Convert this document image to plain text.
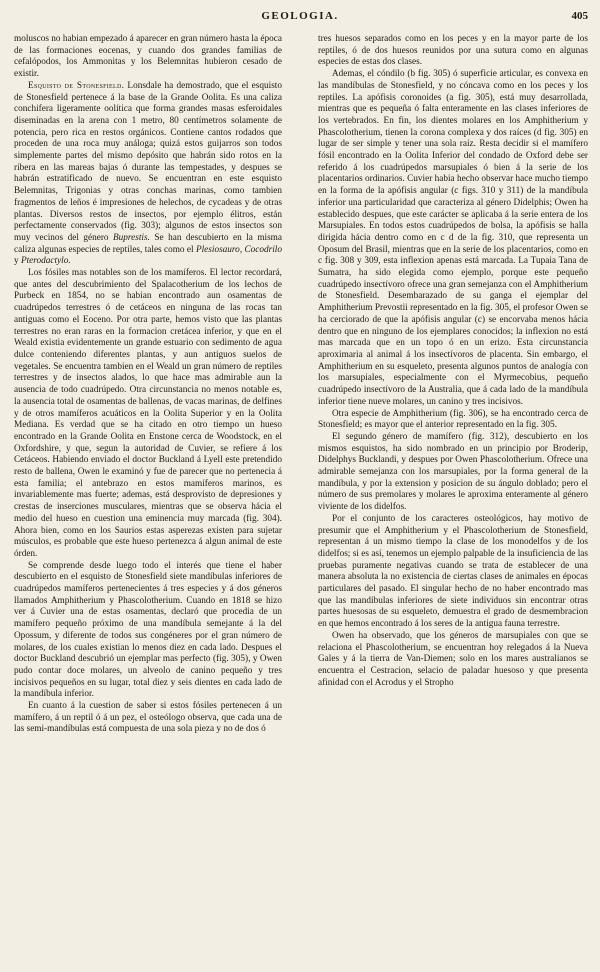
GEOLOGIA.	405

moluscos no habian empezado á aparecer en gran número hasta la época de las formaciones eocenas, y cuando dos grandes familias de cefalópodos, los Ammonitas y los Belemnitas hubieron cesado de existir.

Esquisto de Stonesfield. Lonsdale ha demostrado, que el esquisto de Stonesfield pertenece á la base de la Grande Oolita. Es una caliza conchifera ligeramente oolítica que forma grandes masas esferoidales diseminadas en la arena con 1 metro, 80 centímetros solamente de potencia, pero rica en restos orgánicos. Contiene cantos rodados que proceden de una roca muy análoga; quizá estos guijarros son todos simplemente partes del mismo depósito que habrán sido rotos en la ribera en las mareas bajas ó durante las tempestades, y despues se habrán estratificado de nuevo. Se encuentran en este esquisto Belemnitas, Trigonias y otras conchas marinas, como tambien fragmentos de leños é impresiones de helechos, de cycadeas y de otras plantas. Diversos restos de insectos, por ejemplo élitros, están perfectamente conservados (fig. 303); algunos de estos insectos son muy vecinos del género Buprestis. Se han descubierto en la misma caliza algunas especies de reptiles, tales como el Plesiosauro, Cocodrilo y Pterodactylo.

Los fósiles mas notables son de los mamíferos. El lector recordará, que antes del descubrimiento del Spalacotherium de los lechos de Purbeck en 1854, no se habian encontrado aun osamentas de cuadrúpedos terrestres ó de cetáceos en ninguna de las rocas tan antiguas como el Eoceno. Por otra parte, hemos visto que las plantas terrestres no eran raras en la formacion cretácea inferior, y que en el Weald existia evidentemente un grande estuario con sedimento de agua dulce conteniendo diferentes plantas, y aun antiguos suelos de vegetales. Se encuentra tambien en el Weald un gran número de reptiles terrestres y de insectos alados, lo que hace mas admirable aun la ausencia de todo cuadrúpedo. Otra circunstancia no menos notable es, la ausencia total de osamentas de ballenas, de vacas marinas, de delfines y de otros mamíferos acuáticos en la Oolita Superior y en la Oolita Mediana. Es verdad que se ha citado en otro tiempo un hueso encontrado en la Grande Oolita en Enstone cerca de Woodstock, en el Oxfordshire, y que, segun la autoridad de Cuvier, se refiere á los Cetáceos. Habiendo enviado el doctor Buckland á Lyell este pretendido resto de ballena, Owen le examinó y fue de parecer que no pertenecia á esta familia; el antebrazo en estos mamíferos marinos, es invariablemente mas fuerte; ademas, está desprovisto de depresiones y crestas de inserciones musculares, mientras que se observa hácia el medio del hueso en cuestion una eminencia muy marcada (fig. 304). Ahora bien, como en los Saurios estas asperezas existen para sujetar músculos, es probable que este hueso pertenezca á algun animal de este órden.

Se comprende desde luego todo el interés que tiene el haber descubierto en el esquisto de Stonesfield siete mandíbulas inferiores de cuadrúpedos mamíferos pertenecientes á tres especies y á dos géneros llamados Amphitherium y Phascolotherium. Cuando en 1818 se hizo ver á Cuvier una de estas osamentas, declaró que procedia de un mamífero pequeño próximo de una mandíbula semejante á la del Opossum, y diferente de todos sus congéneres por el gran número de molares, de los cuales existian lo menos diez en cada lado. Despues el doctor Buckland descubrió un ejemplar mas perfecto (fig. 305), y Owen pudo contar doce molares, un alveolo de canino pequeño y tres incisivos pequeños en su lugar, total diez y seis dientes en cada lado de la mandíbula inferior.

En cuanto á la cuestion de saber si estos fósiles pertenecen á un mamífero, á un reptil ó á un pez, el osteólogo observa, que cada una de las semi-mandíbulas está compuesta de una sola pieza y no de dos ó

tres huesos separados como en los peces y en la mayor parte de los reptiles, ó de dos huesos reunidos por una sutura como en algunas especies de estas dos clases.

Ademas, el cóndilo (b fig. 305) ó superficie articular, es convexa en las mandíbulas de Stonesfield, y no cóncava como en los peces y los reptiles. La apófisis coronoides (a fig. 305), está muy desarrollada, mientras que es pequeña ó falta enteramente en las clases inferiores de los vertebrados. En fin, los dientes molares en los Amphitherium y Phascolotherium, tienen la corona complexa y dos raíces (d fig. 305) en lugar de ser simple y tener una sola raíz. Resta decidir si el mamífero fósil encontrado en la Oolita Inferior del condado de Oxford debe ser referido á los cuadrúpedos marsupiales ó bien á la serie de los placentarios ordinarios. Cuvier habia hecho observar hace mucho tiempo en la forma de la apófisis angular (c figs. 310 y 311) de la mandíbula inferior una particularidad que caracteriza al género Didelphis; Owen ha establecido despues, que este carácter se aplicaba á la serie entera de los Marsupiales. En todos estos cuadrúpedos de bolsa, la apófisis se halla dirigida hácia dentro como en c d de la fig. 310, que representa un Oposum del Brasil, mientras que en la serie de los placentarios, como en c fig. 308 y 309, esta inflexion apenas está marcada. La Tupaia Tana de Sumatra, ha sido elegida como ejemplo, porque este pequeño cuadrúpedo insectívoro ofrece una gran semejanza con el Amphitherium de Stonesfield. Desembarazado de su ganga el ejemplar del Amphitherium Prevostii representado en la fig. 305, el profesor Owen se ha cerciorado de que la apófisis angular (c) se encorvaba menos hácia dentro que en ninguno de los ejemplares conocidos; la inflexion no está mas marcada que en un topo ó en un erizo. Esta circunstancia aproximaria al animal á los insectívoros de placenta. Sin embargo, el Amphitherium en su esqueleto, presenta algunos puntos de analogía con los marsupiales, especialmente con el Myrmecobius, pequeño cuadrúpedo insectívoro de la Australia, que á cada lado de la mandíbula inferior tiene nueve molares, un canino y tres incisivos.

Otra especie de Amphitherium (fig. 306), se ha encontrado cerca de Stonesfield; es mayor que el anterior representado en la fig. 305.

El segundo género de mamífero (fig. 312), descubierto en los mismos esquistos, ha sido nombrado en un principio por Broderip, Didelphys Bucklandi, y despues por Owen Phascolotherium. Ofrece una admirable semejanza con los marsupiales, por la forma general de la mandíbula, y por la extension y posicion de su ángulo doblado; pero el número de sus premolares y molares le aproxima enteramente al género viviente de los didelfos.

Por el conjunto de los caracteres osteológicos, hay motivo de presumir que el Amphitherium y el Phascolotherium de Stonesfield, representan á un mismo tiempo la clase de los monodelfos y de los didelfos; si es así, tenemos un ejemplo palpable de la insuficiencia de las pruebas puramente negativas cuando se trata de establecer de una manera absoluta la no existencia de ciertas clases de animales en épocas particulares del pasado. El singular hecho de no haber encontrado mas que las mandíbulas inferiores de siete individuos sin encontrar otras partes huesosas de su esqueleto, demuestra el grado de desmembracion en que hemos encontrado á los seres de la antigua fauna terrestre.

Owen ha observado, que los géneros de marsupiales con que se relaciona el Phascolotherium, se encuentran hoy relegados á la Nueva Gales y á la tierra de Van-Diemen; solo en los mares australianos se encuentra el Cestracion, selacio de paladar huesoso y que presenta afinidad con el Acrodus y el Stropho
